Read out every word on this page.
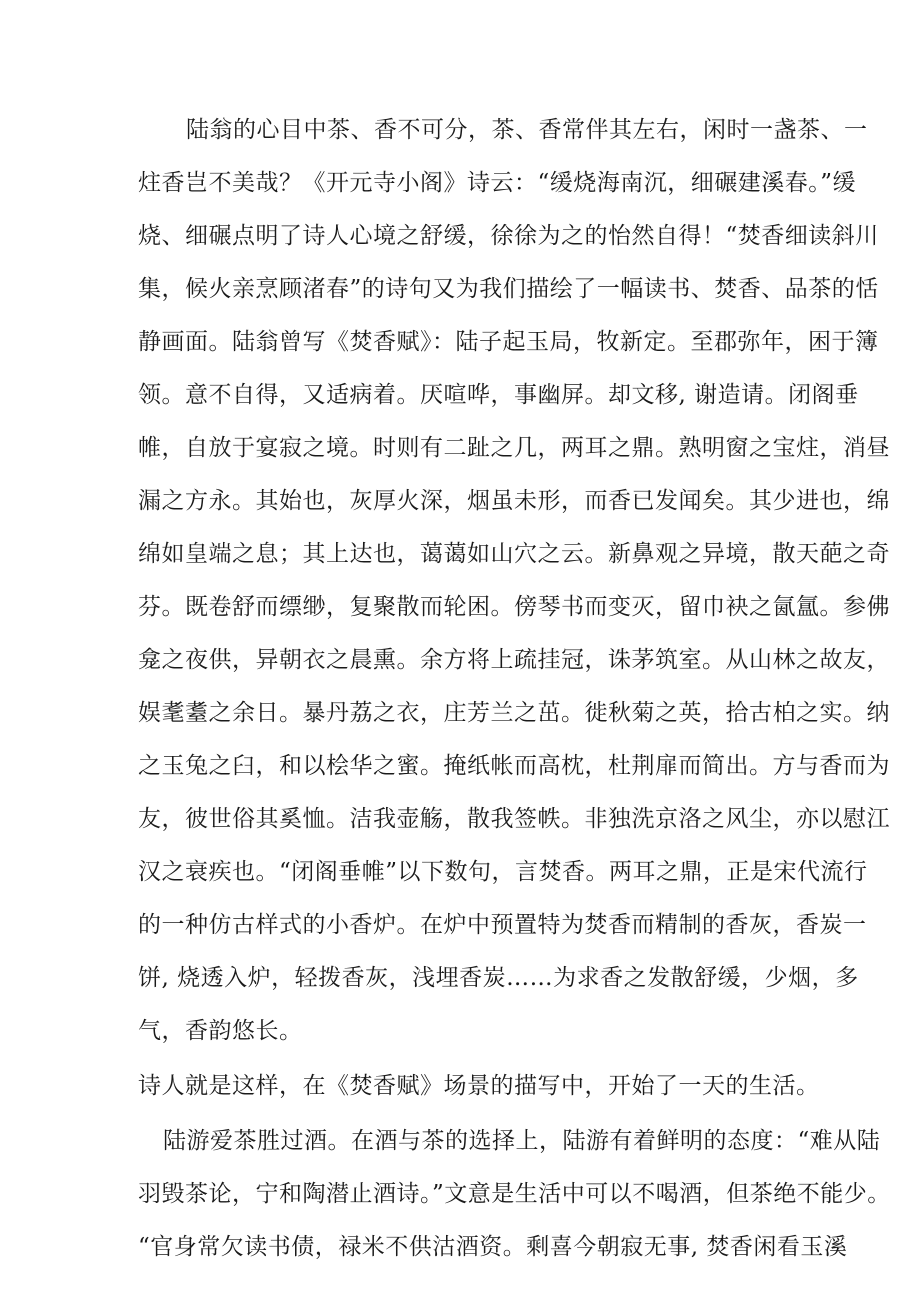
陆翁的心目中茶、香不可分，茶、香常伴其左右，闲时一盏茶、一
炷香岂不美哉？《开元寺小阁》诗云：“缓烧海南沉，细碾建溪春。”缓
烧、细碾点明了诗人心境之舒缓，徐徐为之的怡然自得！“焚香细读斜川
集，候火亲烹顾渚春”的诗句又为我们描绘了一幅读书、焚香、品茶的恬
静画面。陆翁曾写《焚香赋》：陆子起玉局，牧新定。至郡弥年，困于簿
领。意不自得，又适病着。厌喧哗，事幽屏。却文移, 谢造请。闭阁垂
帷，自放于宴寂之境。时则有二趾之几，两耳之鼎。熟明窗之宝炷，消昼
漏之方永。其始也，灰厚火深，烟虽未形，而香已发闻矣。其少进也，绵
绵如皇端之息；其上达也，蔼蔼如山穴之云。新鼻观之异境，散天葩之奇
芬。既卷舒而缥缈，复聚散而轮困。傍琴书而变灭，留巾袂之氤氲。参佛
龛之夜供，异朝衣之晨熏。余方将上疏挂冠，诛茅筑室。从山林之故友，
娱耄耋之余日。暴丹荔之衣，庄芳兰之茁。徙秋菊之英，拾古柏之实。纳
之玉兔之臼，和以桧华之蜜。掩纸帐而高枕，杜荆扉而简出。方与香而为
友，彼世俗其奚恤。洁我壶觞，散我签帙。非独洗京洛之风尘，亦以慰江
汉之衰疾也。“闭阁垂帷”以下数句，言焚香。两耳之鼎，正是宋代流行
的一种仿古样式的小香炉。在炉中预置特为焚香而精制的香灰，香炭一
饼, 烧透入炉，轻拨香灰，浅埋香炭……为求香之发散舒缓，少烟，多
气，香韵悠长。
诗人就是这样，在《焚香赋》场景的描写中，开始了一天的生活。
陆游爱茶胜过酒。在酒与茶的选择上，陆游有着鲜明的态度：“难从陆
羽毁茶论，宁和陶潜止酒诗。”文意是生活中可以不喝酒，但茶绝不能少。
“官身常欠读书债，禄米不供沽酒资。剩喜今朝寂无事, 焚香闲看玉溪
